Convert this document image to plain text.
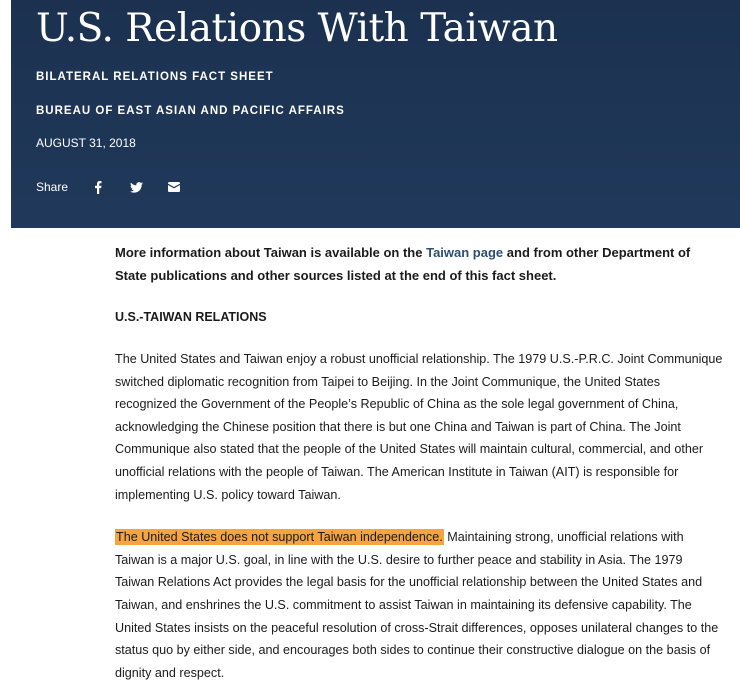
U.S. Relations With Taiwan
BILATERAL RELATIONS FACT SHEET
BUREAU OF EAST ASIAN AND PACIFIC AFFAIRS
AUGUST 31, 2018
Share

More information about Taiwan is available on the Taiwan page and from other Department of State publications and other sources listed at the end of this fact sheet.

U.S.-TAIWAN RELATIONS

The United States and Taiwan enjoy a robust unofficial relationship. The 1979 U.S.-P.R.C. Joint Communique switched diplomatic recognition from Taipei to Beijing. In the Joint Communique, the United States recognized the Government of the People’s Republic of China as the sole legal government of China, acknowledging the Chinese position that there is but one China and Taiwan is part of China. The Joint Communique also stated that the people of the United States will maintain cultural, commercial, and other unofficial relations with the people of Taiwan. The American Institute in Taiwan (AIT) is responsible for implementing U.S. policy toward Taiwan.

The United States does not support Taiwan independence. Maintaining strong, unofficial relations with Taiwan is a major U.S. goal, in line with the U.S. desire to further peace and stability in Asia. The 1979 Taiwan Relations Act provides the legal basis for the unofficial relationship between the United States and Taiwan, and enshrines the U.S. commitment to assist Taiwan in maintaining its defensive capability. The United States insists on the peaceful resolution of cross-Strait differences, opposes unilateral changes to the status quo by either side, and encourages both sides to continue their constructive dialogue on the basis of dignity and respect.
